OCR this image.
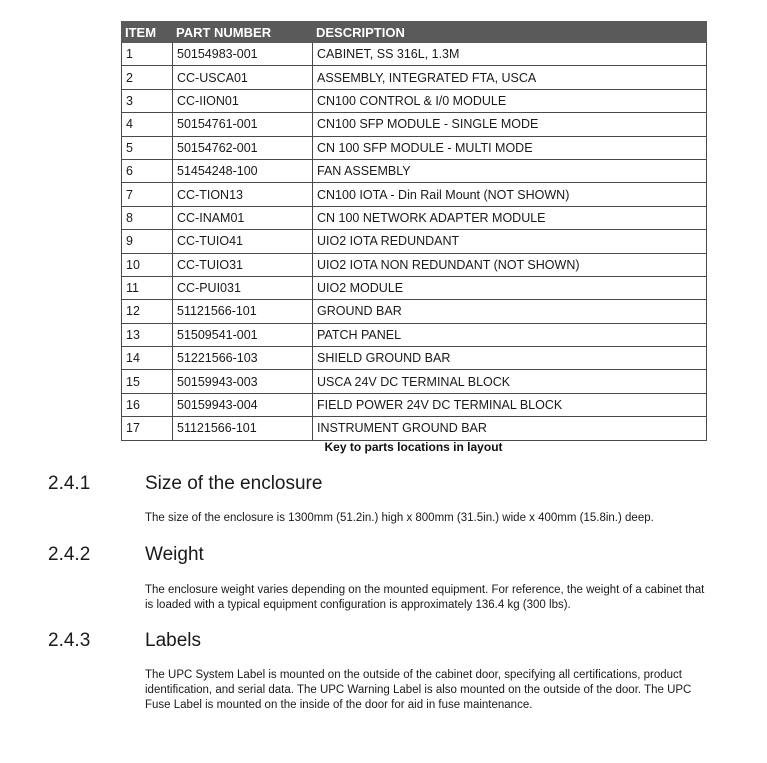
ITEM	PART NUMBER	DESCRIPTION
1	50154983-001	CABINET, SS 316L, 1.3M
2	CC-USCA01	ASSEMBLY, INTEGRATED FTA, USCA
3	CC-IION01	CN100 CONTROL & I/0 MODULE
4	50154761-001	CN100 SFP MODULE - SINGLE MODE
5	50154762-001	CN 100 SFP MODULE - MULTI MODE
6	51454248-100	FAN ASSEMBLY
7	CC-TION13	CN100 IOTA - Din Rail Mount (NOT SHOWN)
8	CC-INAM01	CN 100 NETWORK ADAPTER MODULE
9	CC-TUIO41	UIO2 IOTA REDUNDANT
10	CC-TUIO31	UIO2 IOTA NON REDUNDANT (NOT SHOWN)
11	CC-PUI031	UIO2 MODULE
12	51121566-101	GROUND BAR
13	51509541-001	PATCH PANEL
14	51221566-103	SHIELD GROUND BAR
15	50159943-003	USCA 24V DC TERMINAL BLOCK
16	50159943-004	FIELD POWER 24V DC TERMINAL BLOCK
17	51121566-101	INSTRUMENT GROUND BAR
Key to parts locations in layout
2.4.1	Size of the enclosure

The size of the enclosure is 1300mm (51.2in.) high x 800mm (31.5in.) wide x 400mm (15.8in.) deep.

2.4.2	Weight

The enclosure weight varies depending on the mounted equipment. For reference, the weight of a cabinet that is loaded with a typical equipment configuration is approximately 136.4 kg (300 lbs).

2.4.3	Labels

The UPC System Label is mounted on the outside of the cabinet door, specifying all certifications, product identification, and serial data. The UPC Warning Label is also mounted on the outside of the door. The UPC Fuse Label is mounted on the inside of the door for aid in fuse maintenance.
